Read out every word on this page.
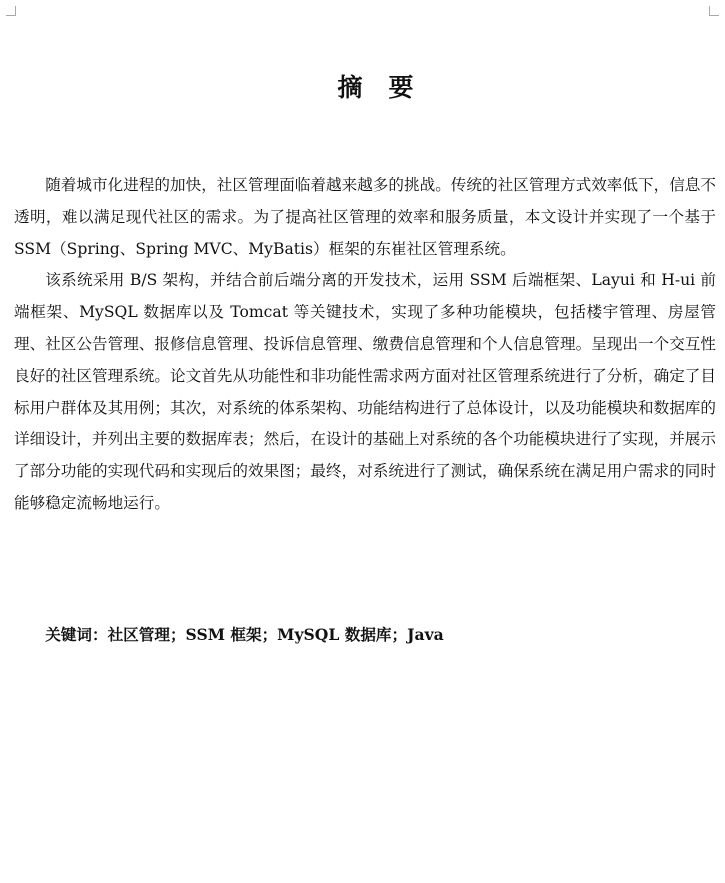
摘要

随着城市化进程的加快，社区管理面临着越来越多的挑战。传统的社区管理方式效率低下，信息不透明，难以满足现代社区的需求。为了提高社区管理的效率和服务质量，本文设计并实现了一个基于 SSM（Spring、Spring MVC、MyBatis）框架的东崔社区管理系统。

该系统采用 B/S 架构，并结合前后端分离的开发技术，运用 SSM 后端框架、Layui 和 H-ui 前端框架、MySQL 数据库以及 Tomcat 等关键技术，实现了多种功能模块，包括楼宇管理、房屋管理、社区公告管理、报修信息管理、投诉信息管理、缴费信息管理和个人信息管理。呈现出一个交互性良好的社区管理系统。论文首先从功能性和非功能性需求两方面对社区管理系统进行了分析，确定了目标用户群体及其用例；其次，对系统的体系架构、功能结构进行了总体设计，以及功能模块和数据库的详细设计，并列出主要的数据库表；然后，在设计的基础上对系统的各个功能模块进行了实现，并展示了部分功能的实现代码和实现后的效果图；最终，对系统进行了测试，确保系统在满足用户需求的同时能够稳定流畅地运行。

关键词：社区管理；SSM 框架；MySQL 数据库；Java
